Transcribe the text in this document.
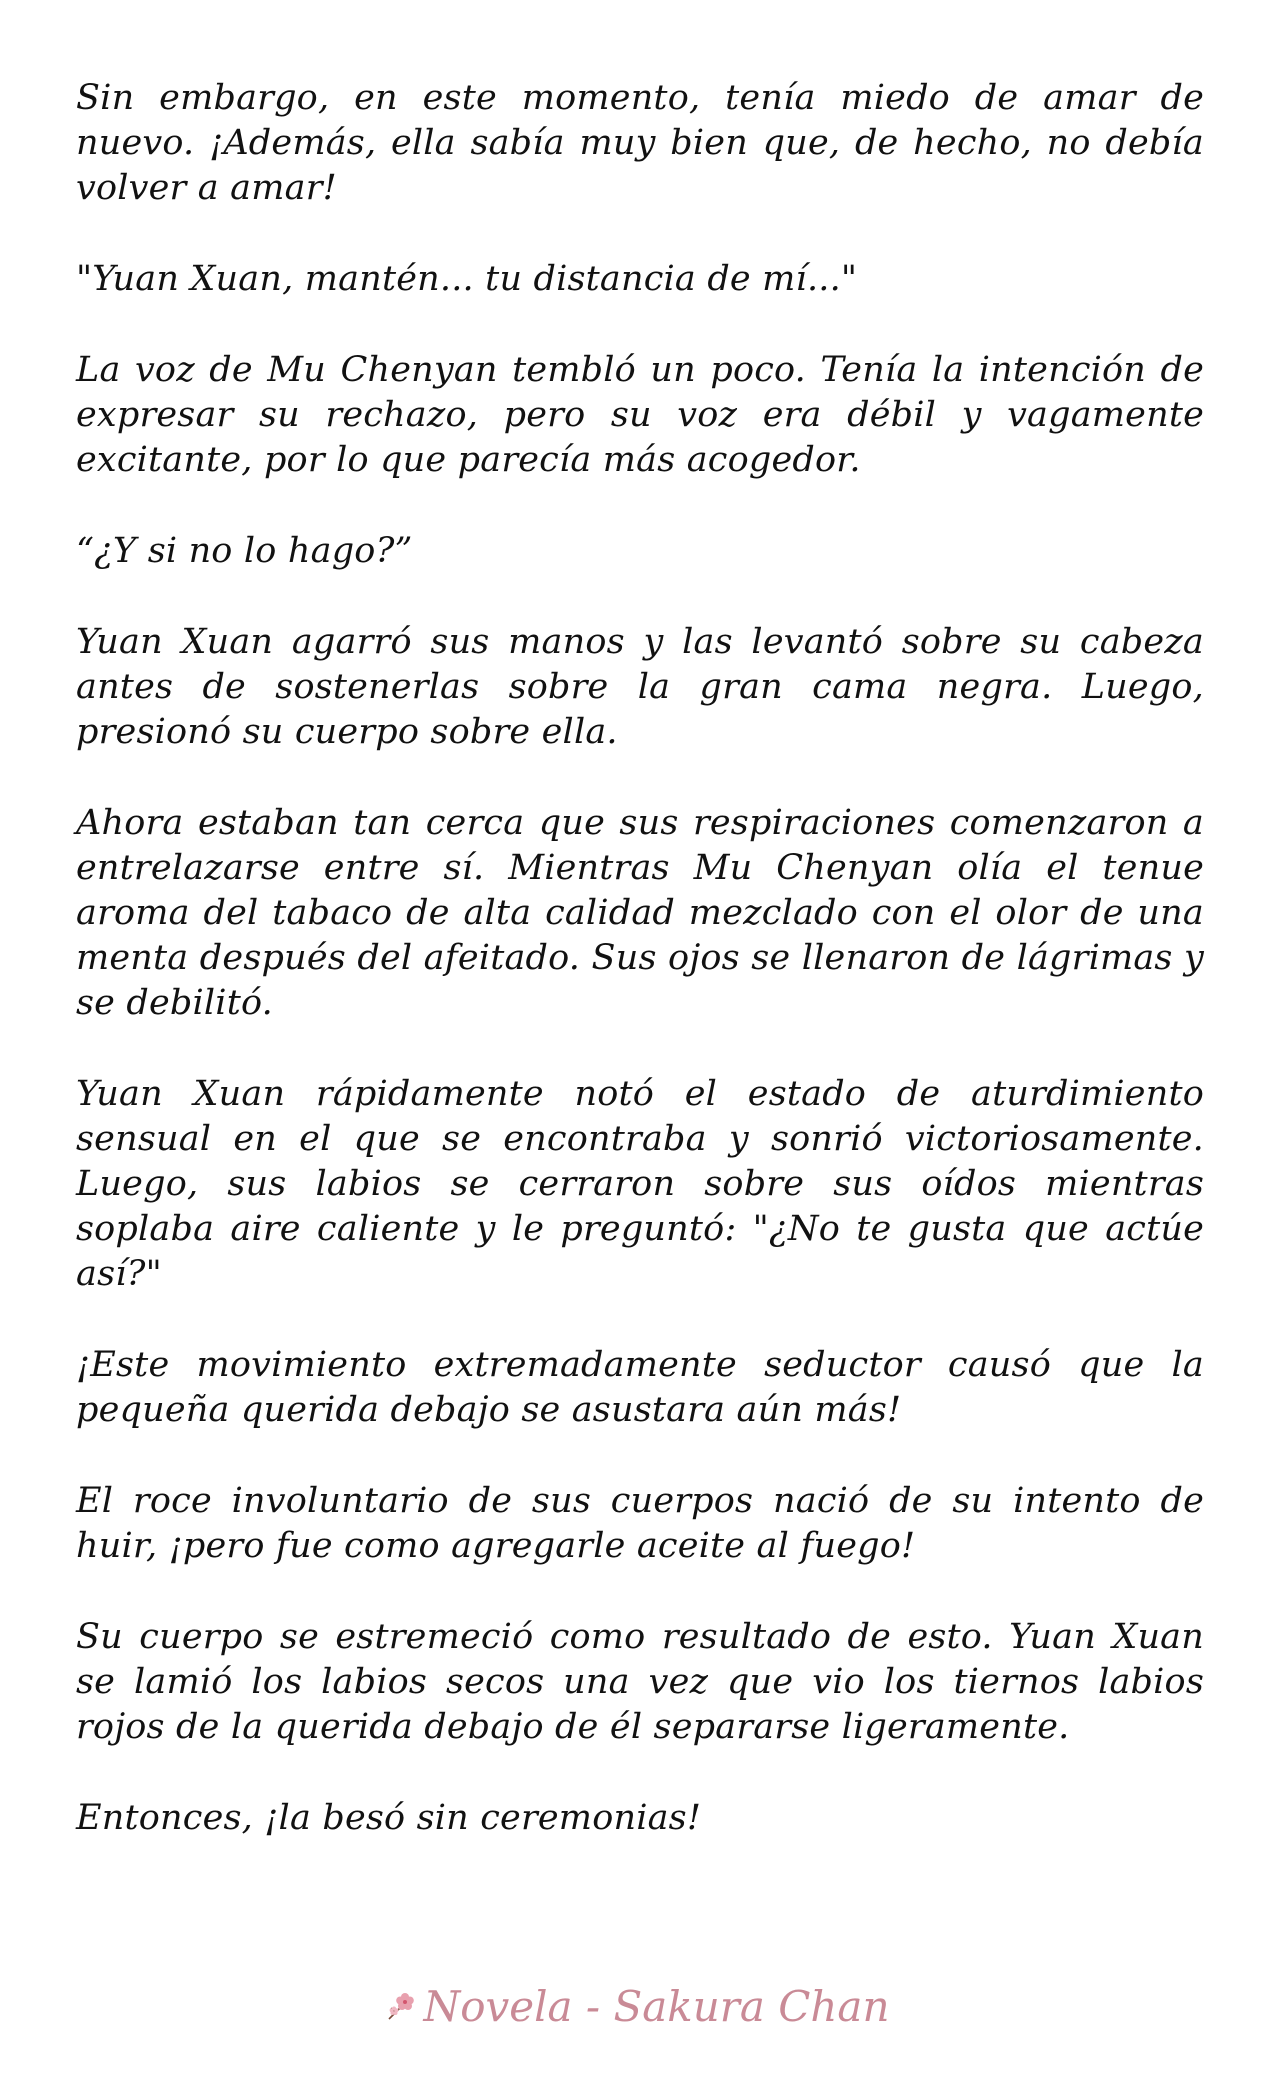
Sin embargo, en este momento, tenía miedo de amar de nuevo. ¡Además, ella sabía muy bien que, de hecho, no debía volver a amar!

"Yuan Xuan, mantén... tu distancia de mí..."

La voz de Mu Chenyan tembló un poco. Tenía la intención de expresar su rechazo, pero su voz era débil y vagamente excitante, por lo que parecía más acogedor.

“¿Y si no lo hago?”

Yuan Xuan agarró sus manos y las levantó sobre su cabeza antes de sostenerlas sobre la gran cama negra. Luego, presionó su cuerpo sobre ella.

Ahora estaban tan cerca que sus respiraciones comenzaron a entrelazarse entre sí. Mientras Mu Chenyan olía el tenue aroma del tabaco de alta calidad mezclado con el olor de una menta después del afeitado. Sus ojos se llenaron de lágrimas y se debilitó.

Yuan Xuan rápidamente notó el estado de aturdimiento sensual en el que se encontraba y sonrió victoriosamente. Luego, sus labios se cerraron sobre sus oídos mientras soplaba aire caliente y le preguntó: "¿No te gusta que actúe así?"

¡Este movimiento extremadamente seductor causó que la pequeña querida debajo se asustara aún más!

El roce involuntario de sus cuerpos nació de su intento de huir, ¡pero fue como agregarle aceite al fuego!

Su cuerpo se estremeció como resultado de esto. Yuan Xuan se lamió los labios secos una vez que vio los tiernos labios rojos de la querida debajo de él separarse ligeramente.

Entonces, ¡la besó sin ceremonias!

Novela - Sakura Chan
